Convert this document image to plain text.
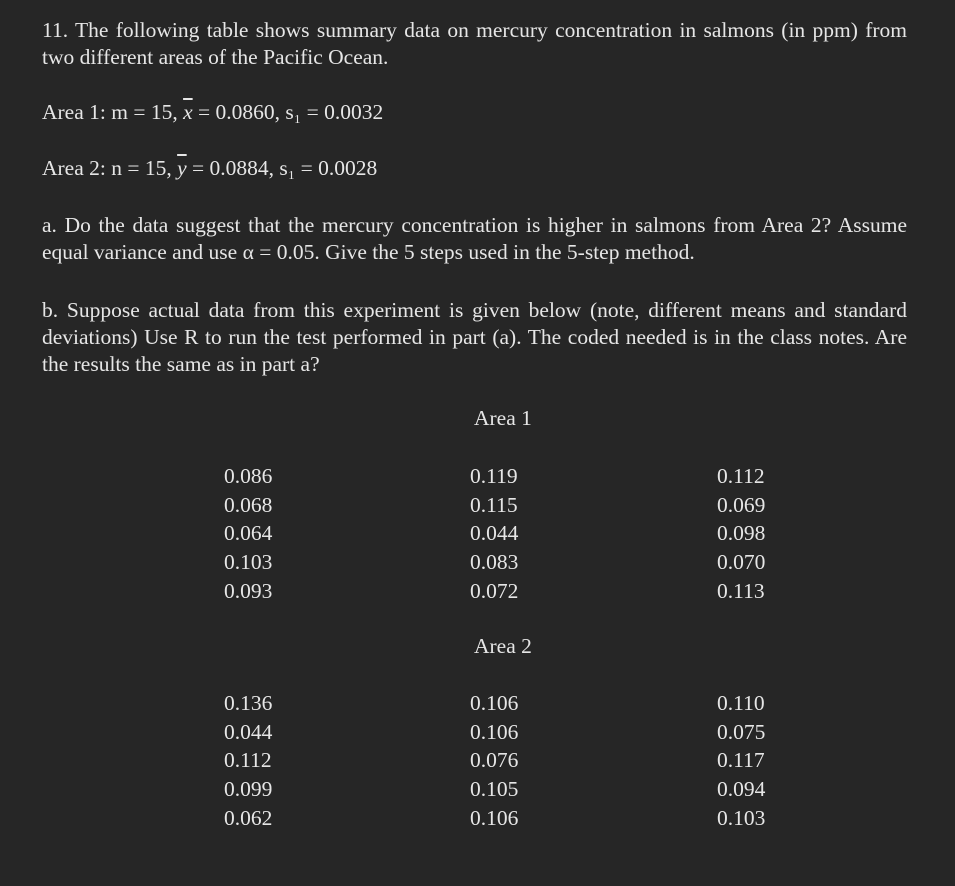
11. The following table shows summary data on mercury concentration in salmons (in ppm) from two different areas of the Pacific Ocean.
Area 1: m = 15, $\overline{x} = 0.0860$, s₁ = 0.0032
Area 2: n = 15, $\overline{y} = 0.0884$, s₁ = 0.0028
a. Do the data suggest that the mercury concentration is higher in salmons from Area 2? Assume equal variance and use α = 0.05. Give the 5 steps used in the 5-step method.
b. Suppose actual data from this experiment is given below (note, different means and standard deviations) Use R to run the test performed in part (a). The coded needed is in the class notes. Are the results the same as in part a?
Area 1
0.086
0.068
0.064
0.103
0.093
0.119
0.115
0.044
0.083
0.072
0.112
0.069
0.098
0.070
0.113
Area 2
0.136
0.044
0.112
0.099
0.062
0.106
0.106
0.076
0.105
0.106
0.110
0.075
0.117
0.094
0.103
